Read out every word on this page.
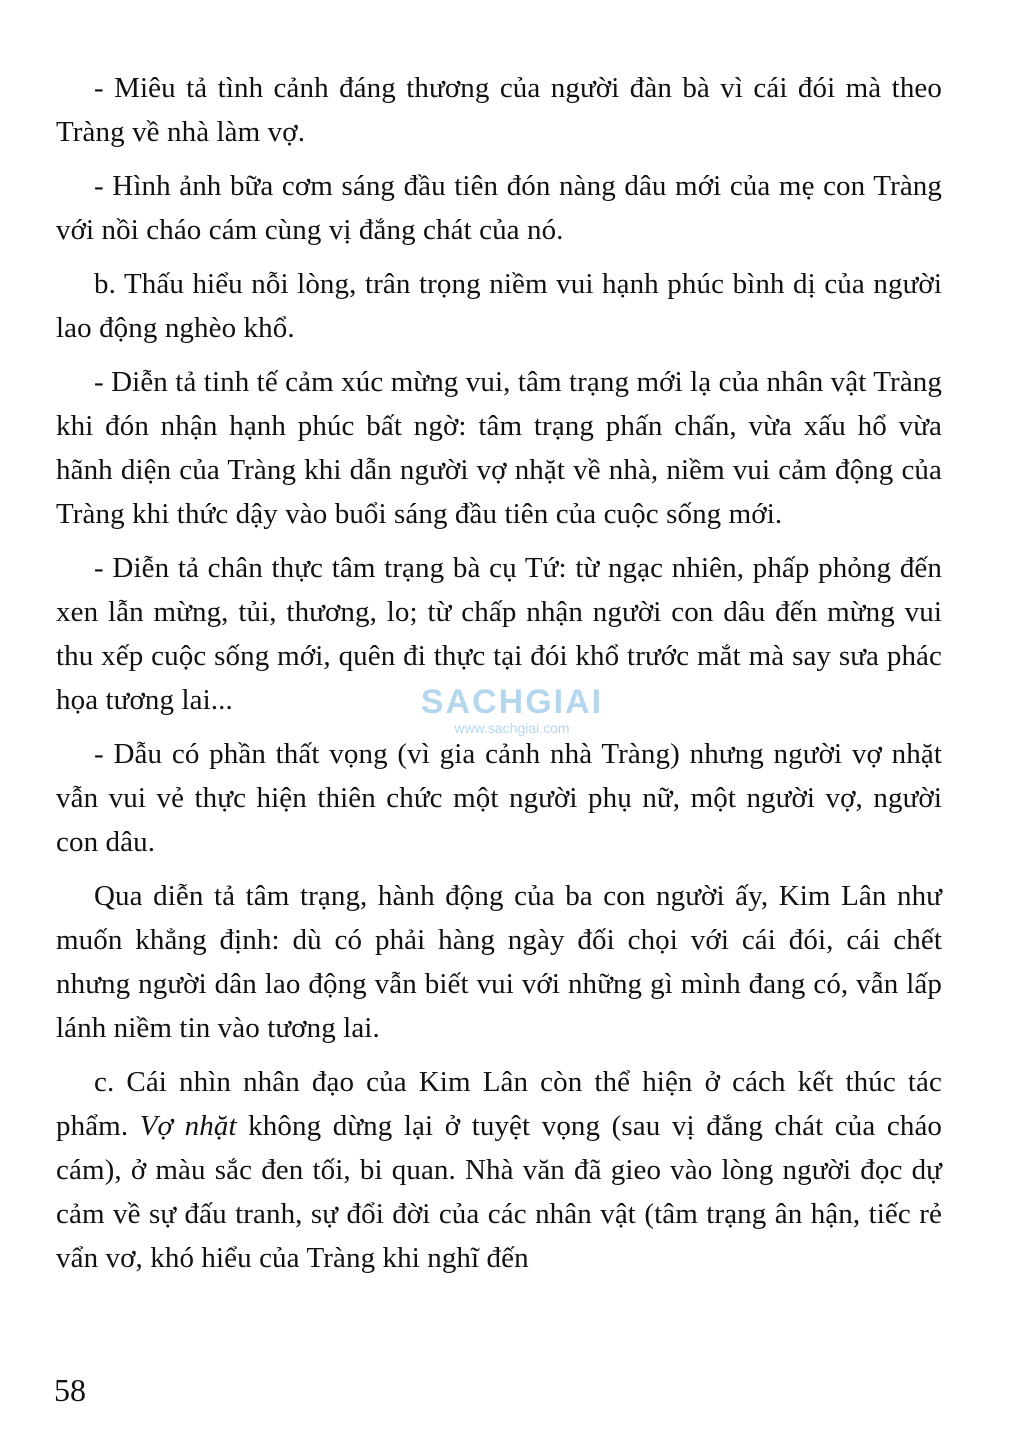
- Miêu tả tình cảnh đáng thương của người đàn bà vì cái đói mà theo Tràng về nhà làm vợ.

- Hình ảnh bữa cơm sáng đầu tiên đón nàng dâu mới của mẹ con Tràng với nồi cháo cám cùng vị đắng chát của nó.

b. Thấu hiểu nỗi lòng, trân trọng niềm vui hạnh phúc bình dị của người lao động nghèo khổ.

- Diễn tả tinh tế cảm xúc mừng vui, tâm trạng mới lạ của nhân vật Tràng khi đón nhận hạnh phúc bất ngờ: tâm trạng phấn chấn, vừa xấu hổ vừa hãnh diện của Tràng khi dẫn người vợ nhặt về nhà, niềm vui cảm động của Tràng khi thức dậy vào buổi sáng đầu tiên của cuộc sống mới.

- Diễn tả chân thực tâm trạng bà cụ Tứ: từ ngạc nhiên, phấp phỏng đến xen lẫn mừng, tủi, thương, lo; từ chấp nhận người con dâu đến mừng vui thu xếp cuộc sống mới, quên đi thực tại đói khổ trước mắt mà say sưa phác họa tương lai...

- Dẫu có phần thất vọng (vì gia cảnh nhà Tràng) nhưng người vợ nhặt vẫn vui vẻ thực hiện thiên chức một người phụ nữ, một người vợ, người con dâu.

Qua diễn tả tâm trạng, hành động của ba con người ấy, Kim Lân như muốn khẳng định: dù có phải hàng ngày đối chọi với cái đói, cái chết nhưng người dân lao động vẫn biết vui với những gì mình đang có, vẫn lấp lánh niềm tin vào tương lai.

c. Cái nhìn nhân đạo của Kim Lân còn thể hiện ở cách kết thúc tác phẩm. Vợ nhặt không dừng lại ở tuyệt vọng (sau vị đắng chát của cháo cám), ở màu sắc đen tối, bi quan. Nhà văn đã gieo vào lòng người đọc dự cảm về sự đấu tranh, sự đổi đời của các nhân vật (tâm trạng ân hận, tiếc rẻ vẩn vơ, khó hiểu của Tràng khi nghĩ đến

SACHGIAI
www.sachgiai.com
58
